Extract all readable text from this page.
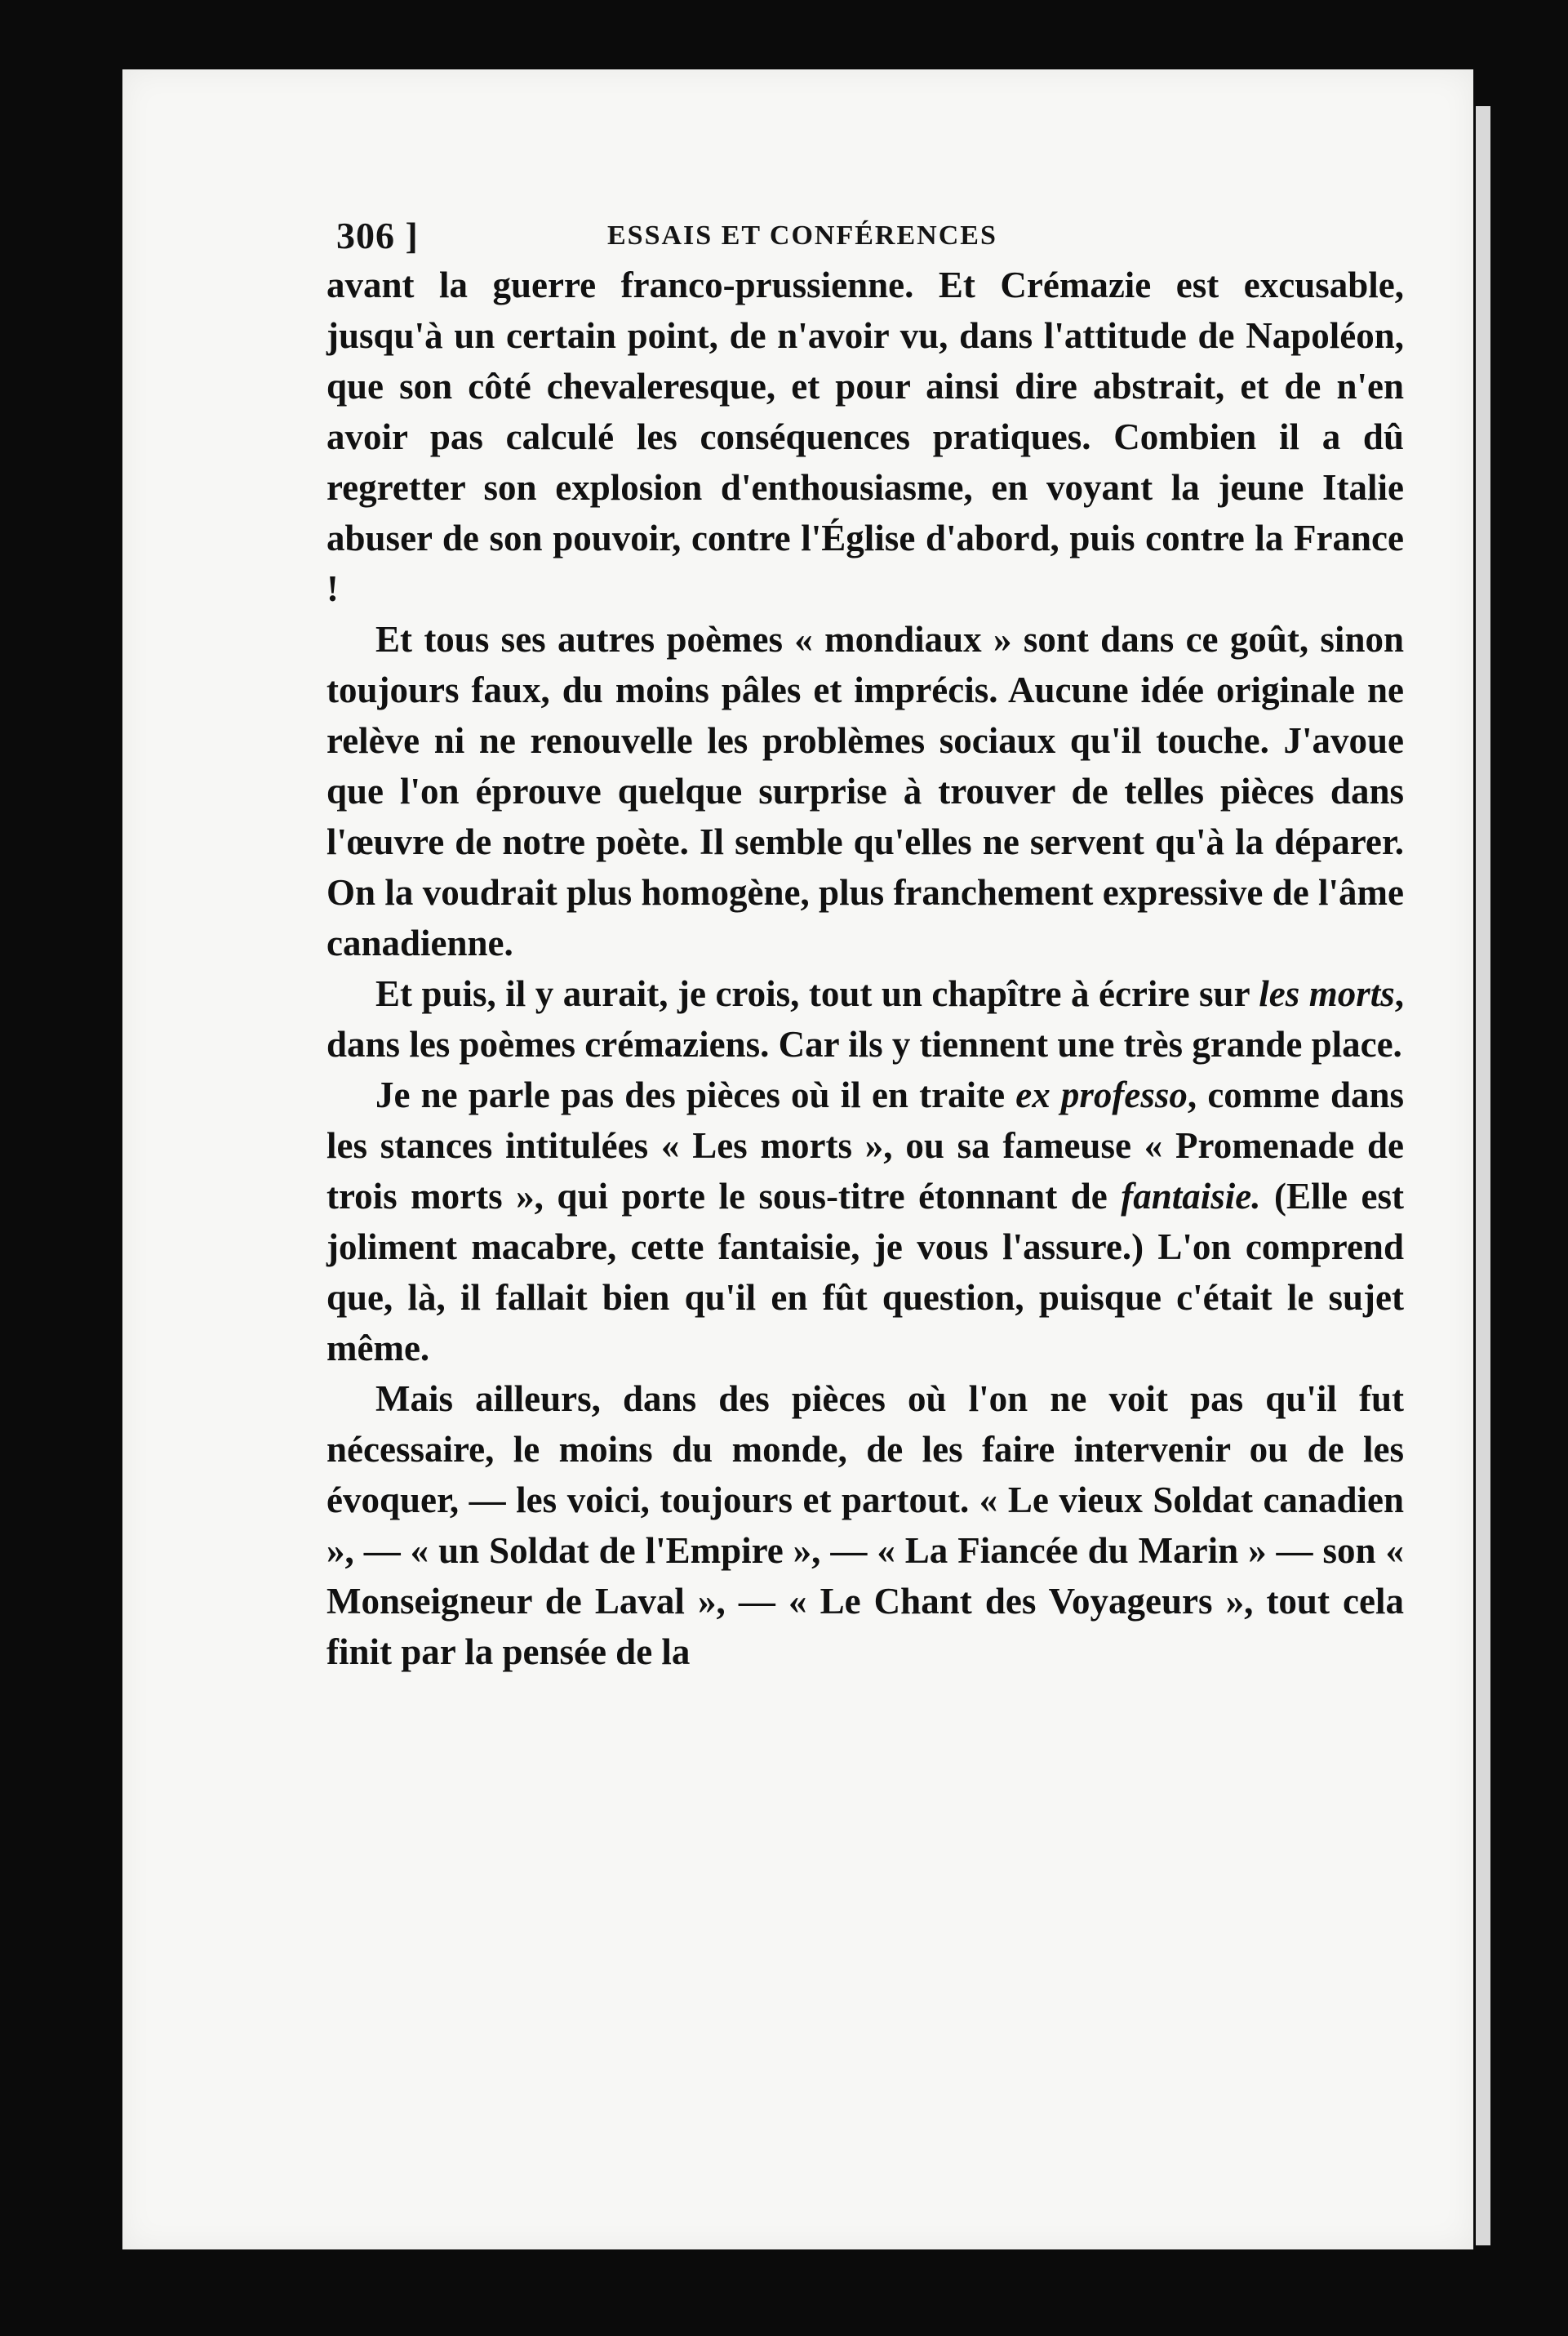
306 ]	ESSAIS ET CONFÉRENCES

avant la guerre franco-prussienne. Et Crémazie est excusable, jusqu'à un certain point, de n'avoir vu, dans l'attitude de Napoléon, que son côté chevaleresque, et pour ainsi dire abstrait, et de n'en avoir pas calculé les conséquences pratiques. Combien il a dû regretter son explosion d'enthousiasme, en voyant la jeune Italie abuser de son pouvoir, contre l'Église d'abord, puis contre la France !

Et tous ses autres poèmes « mondiaux » sont dans ce goût, sinon toujours faux, du moins pâles et imprécis. Aucune idée originale ne relève ni ne renouvelle les problèmes sociaux qu'il touche. J'avoue que l'on éprouve quelque surprise à trouver de telles pièces dans l'œuvre de notre poète. Il semble qu'elles ne servent qu'à la déparer. On la voudrait plus homogène, plus franchement expressive de l'âme canadienne.

Et puis, il y aurait, je crois, tout un chapître à écrire sur les morts, dans les poèmes crémaziens. Car ils y tiennent une très grande place.

Je ne parle pas des pièces où il en traite ex professo, comme dans les stances intitulées « Les morts », ou sa fameuse « Promenade de trois morts », qui porte le sous-titre étonnant de fantaisie. (Elle est joliment macabre, cette fantaisie, je vous l'assure.) L'on comprend que, là, il fallait bien qu'il en fût question, puisque c'était le sujet même.

Mais ailleurs, dans des pièces où l'on ne voit pas qu'il fut nécessaire, le moins du monde, de les faire intervenir ou de les évoquer, — les voici, toujours et partout. « Le vieux Soldat canadien », — « un Soldat de l'Empire », — « La Fiancée du Marin » — son « Monseigneur de Laval », — « Le Chant des Voyageurs », tout cela finit par la pensée de la
